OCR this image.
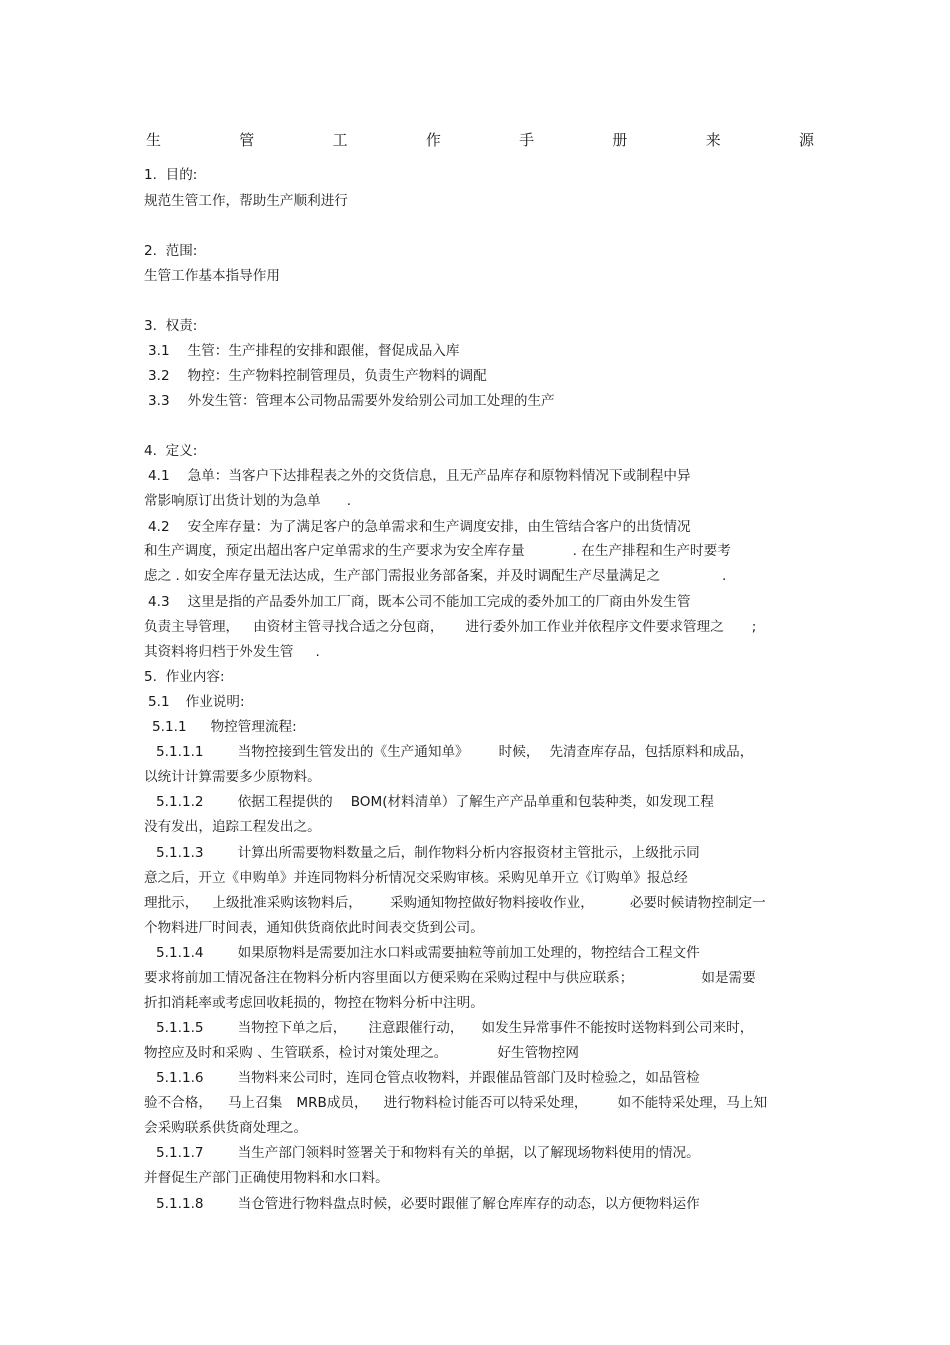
生	管	工	作	手	册	来	源
1.  目的:
规范生管工作，帮助生产顺利进行
2.  范围:
生管工作基本指导作用
3.  权责:
3.1 生管：生产排程的安排和跟催，督促成品入库
3.2 物控：生产物料控制管理员，负责生产物料的调配
3.3 外发生管：管理本公司物品需要外发给别公司加工处理的生产
4.  定义:
4.1 急单：当客户下达排程表之外的交货信息，且无产品库存和原物料情况下或制程中异
常影响原订出货计划的为急单 .
4.2 安全库存量：为了满足客户的急单需求和生产调度安排，由生管结合客户的出货情况
和生产调度，预定出超出客户定单需求的生产要求为安全库存量	. 在生产排程和生产时要考
虑之 . 如安全库存量无法达成，生产部门需报业务部备案，并及时调配生产尽量满足之	.
4.3 这里是指的产品委外加工厂商，既本公司不能加工完成的委外加工的厂商由外发生管
负责主导管理， 由资材主管寻找合适之分包商， 进行委外加工作业并依程序文件要求管理之 ;
其资料将归档于外发生管 .
5.  作业内容:
5.1 作业说明:
5.1.1 物控管理流程:
5.1.1.1	当物控接到生管发出的《生产通知单》 时候， 先清查库存品，包括原料和成品，
以统计计算需要多少原物料。
5.1.1.2	依据工程提供的 BOM(材料清单）了解生产产品单重和包装种类，如发现工程
没有发出，追踪工程发出之。
5.1.1.3	计算出所需要物料数量之后，制作物料分析内容报资材主管批示，上级批示同
意之后，开立《申购单》并连同物料分析情况交采购审核。采购见单开立《订购单》报总经
理批示， 上级批准采购该物料后， 采购通知物控做好物料接收作业，	必要时候请物控制定一
个物料进厂时间表，通知供货商依此时间表交货到公司。
5.1.1.4	如果原物料是需要加注水口料或需要抽粒等前加工处理的，物控结合工程文件
要求将前加工情况备注在物料分析内容里面以方便采购在采购过程中与供应联系；	如是需要
折扣消耗率或考虑回收耗损的，物控在物料分析中注明。
5.1.1.5	当物控下单之后， 注意跟催行动， 如发生异常事件不能按时送物料到公司来时，
物控应及时和采购 、生管联系，检讨对策处理之。	好生管物控网
5.1.1.6	当物料来公司时，连同仓管点收物料，并跟催品管部门及时检验之，如品管检
验不合格， 马上召集 MRB成员， 进行物料检讨能否可以特采处理， 如不能特采处理，马上知
会采购联系供货商处理之。
5.1.1.7	当生产部门领料时签署关于和物料有关的单据，以了解现场物料使用的情况。
并督促生产部门正确使用物料和水口料。
5.1.1.8	当仓管进行物料盘点时候，必要时跟催了解仓库库存的动态，以方便物料运作
